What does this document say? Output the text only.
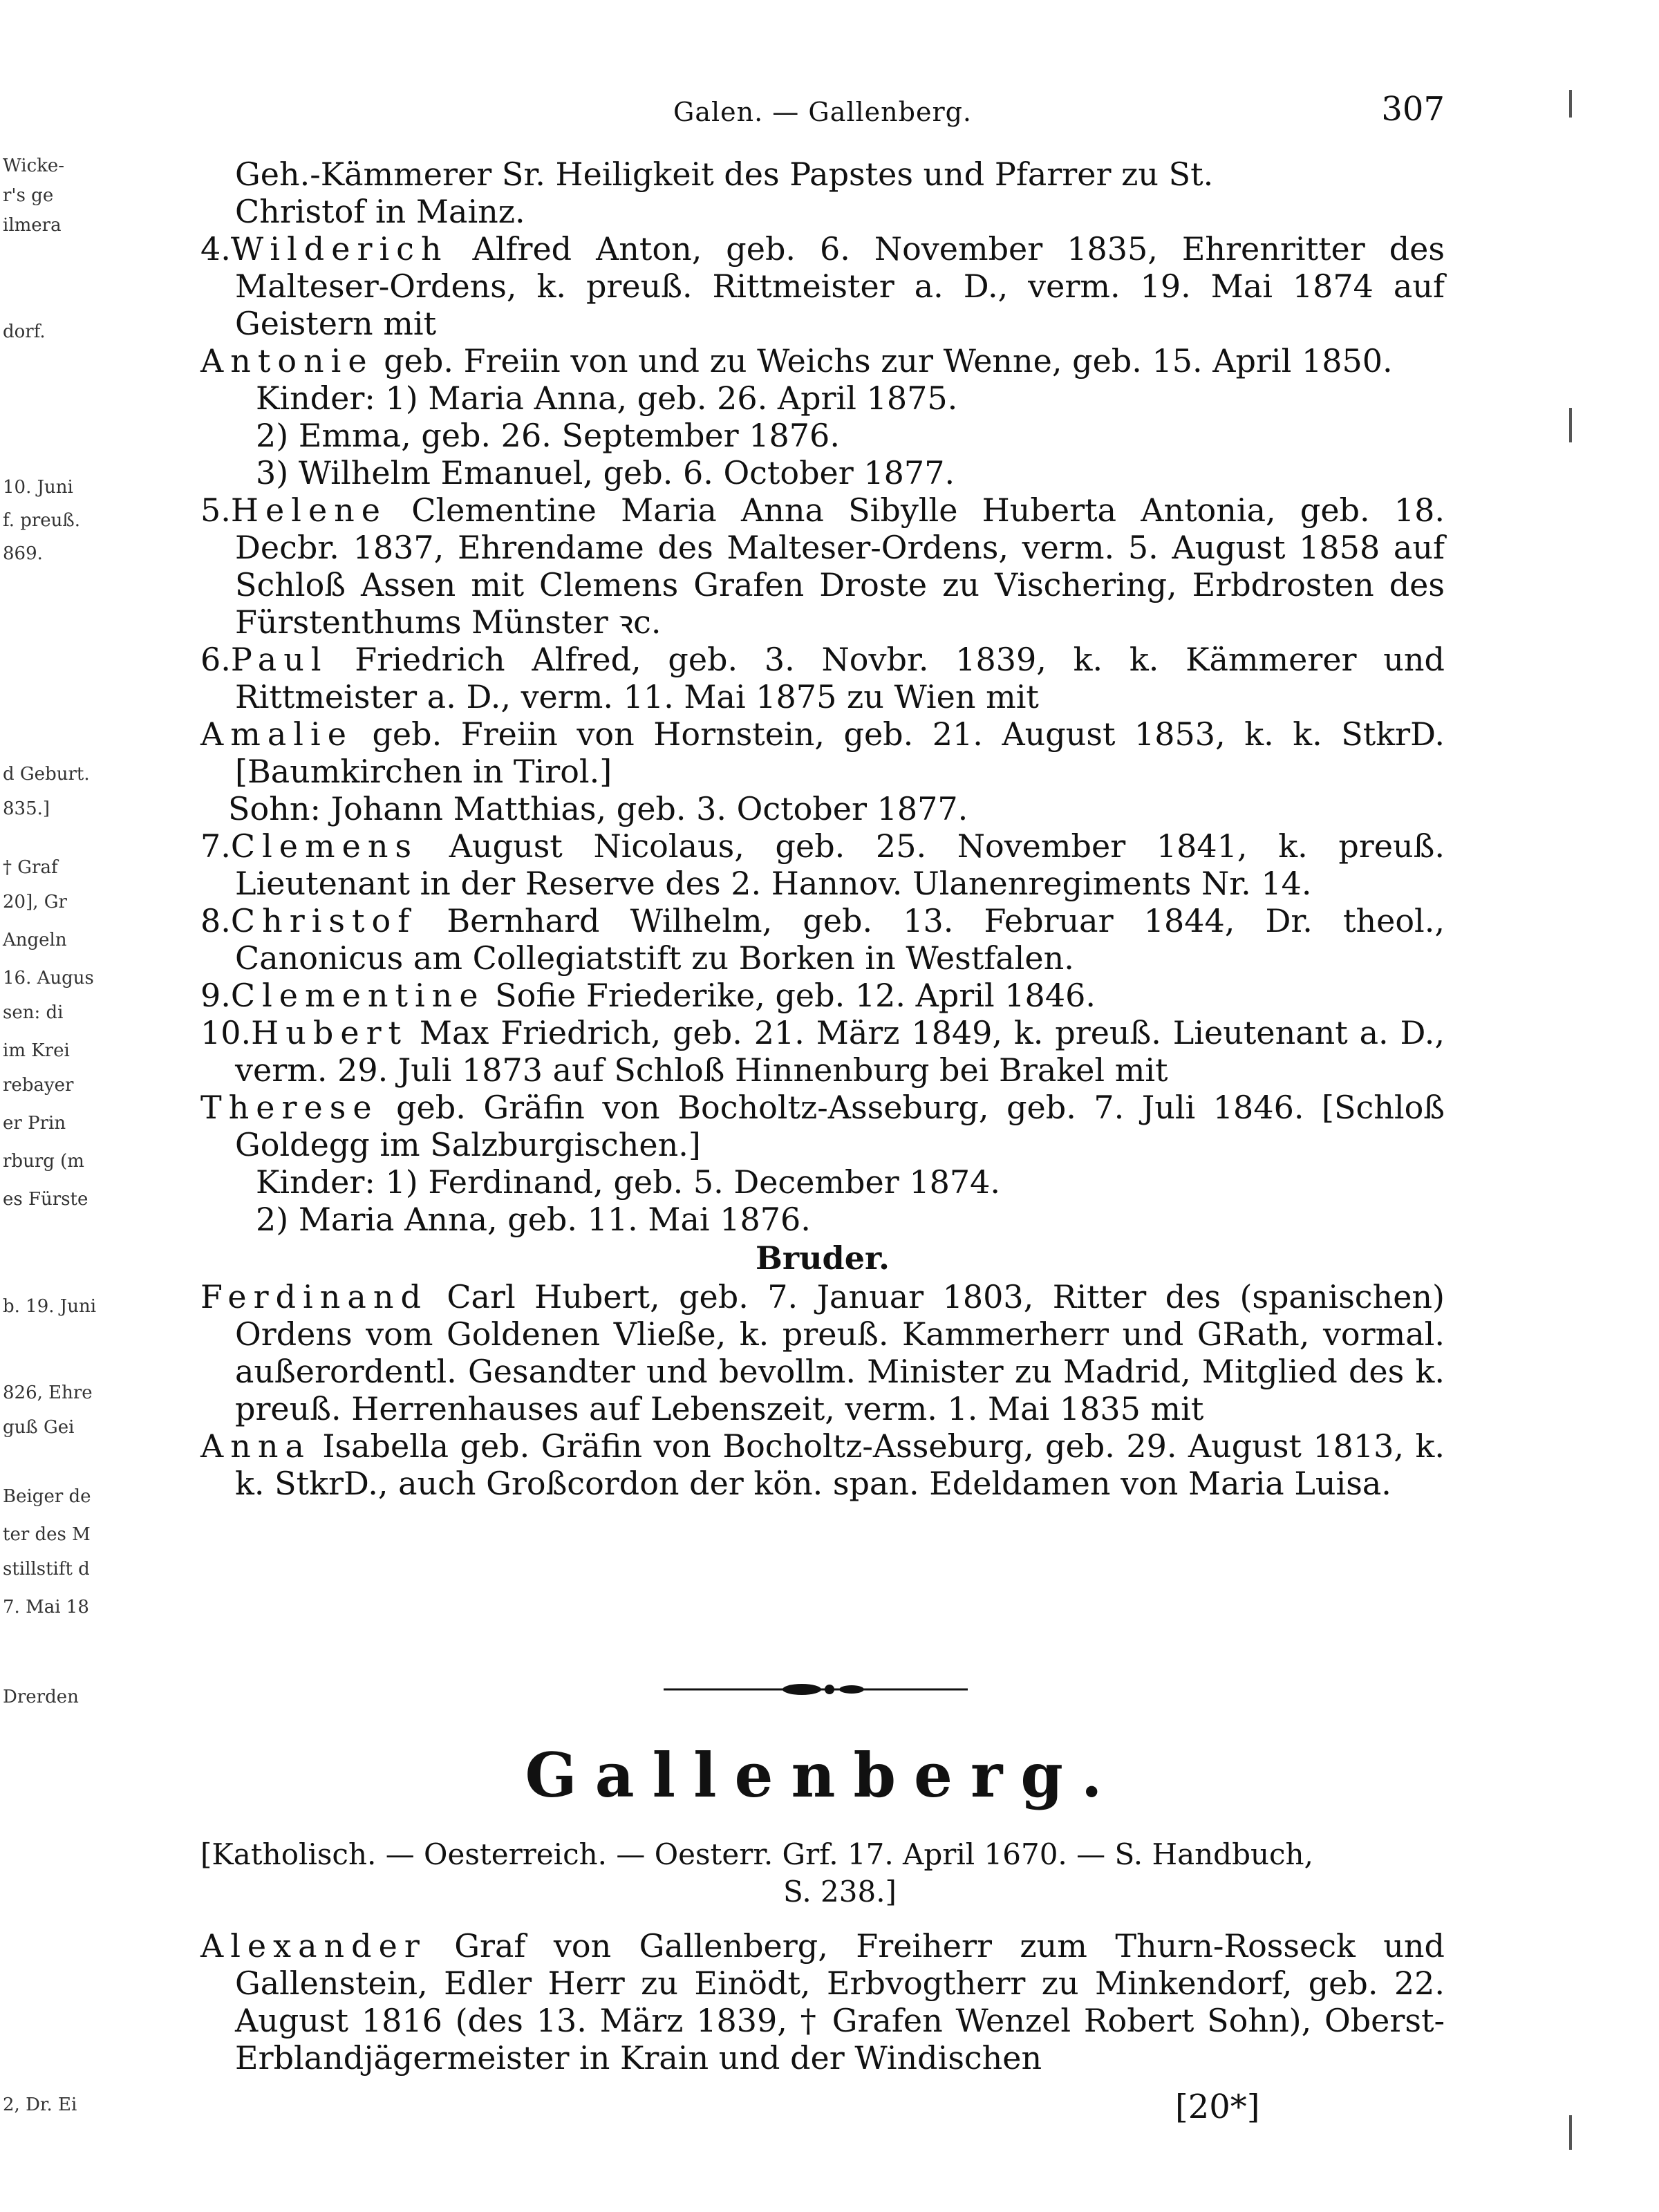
Wicke-
r's ge
ilmera
dorf.
10. Juni
f. preuß.
869.
d Geburt.
835.]
† Graf
20], Gr
Angeln
16. Augus
sen: di
im Krei
rebayer
er Prin
rburg (m
es Fürste
b. 19. Juni
826, Ehre
guß Gei
Beiger de
ter des M
stillstift d
7. Mai 18
Drerden
2, Dr. Ei
Galen. — Gallenberg.	307

Geh.-Kämmerer Sr. Heiligkeit des Papstes und Pfarrer zu St.

Christof in Mainz.

4.Wilderich Alfred Anton, geb. 6. November 1835, Ehrenritter des Malteser-Ordens, k. preuß. Rittmeister a. D., verm. 19. Mai 1874 auf Geistern mit

Antonie geb. Freiin von und zu Weichs zur Wenne, geb. 15. April 1850.

Kinder: 1) Maria Anna, geb. 26. April 1875.

2) Emma, geb. 26. September 1876.

3) Wilhelm Emanuel, geb. 6. October 1877.

5.Helene Clementine Maria Anna Sibylle Huberta Antonia, geb. 18. Decbr. 1837, Ehrendame des Malteser-Ordens, verm. 5. August 1858 auf Schloß Assen mit Clemens Grafen Droste zu Vischering, Erbdrosten des Fürstenthums Münster ꝛc.

6.Paul Friedrich Alfred, geb. 3. Novbr. 1839, k. k. Kämmerer und Rittmeister a. D., verm. 11. Mai 1875 zu Wien mit

Amalie geb. Freiin von Hornstein, geb. 21. August 1853, k. k. StkrD. [Baumkirchen in Tirol.]

Sohn: Johann Matthias, geb. 3. October 1877.

7.Clemens August Nicolaus, geb. 25. November 1841, k. preuß. Lieutenant in der Reserve des 2. Hannov. Ulanenregiments Nr. 14.

8.Christof Bernhard Wilhelm, geb. 13. Februar 1844, Dr. theol., Canonicus am Collegiatstift zu Borken in Westfalen.

9.Clementine Sofie Friederike, geb. 12. April 1846.

10.Hubert Max Friedrich, geb. 21. März 1849, k. preuß. Lieutenant a. D., verm. 29. Juli 1873 auf Schloß Hinnenburg bei Brakel mit

Therese geb. Gräfin von Bocholtz-Asseburg, geb. 7. Juli 1846. [Schloß Goldegg im Salzburgischen.]

Kinder: 1) Ferdinand, geb. 5. December 1874.

2) Maria Anna, geb. 11. Mai 1876.

Bruder.

Ferdinand Carl Hubert, geb. 7. Januar 1803, Ritter des (spanischen) Ordens vom Goldenen Vließe, k. preuß. Kammerherr und GRath, vormal. außerordentl. Gesandter und bevollm. Minister zu Madrid, Mitglied des k. preuß. Herrenhauses auf Lebenszeit, verm. 1. Mai 1835 mit

Anna Isabella geb. Gräfin von Bocholtz-Asseburg, geb. 29. August 1813, k. k. StkrD., auch Großcordon der kön. span. Edeldamen von Maria Luisa.

Gallenberg.

[Katholisch. — Oesterreich. — Oesterr. Grf. 17. April 1670. — S. Handbuch,
S. 238.]

Alexander Graf von Gallenberg, Freiherr zum Thurn-Rosseck und Gallenstein, Edler Herr zu Einödt, Erbvogtherr zu Minkendorf, geb. 22. August 1816 (des 13. März 1839, † Grafen Wenzel Robert Sohn), Oberst-Erblandjägermeister in Krain und der Windischen

[20*]
